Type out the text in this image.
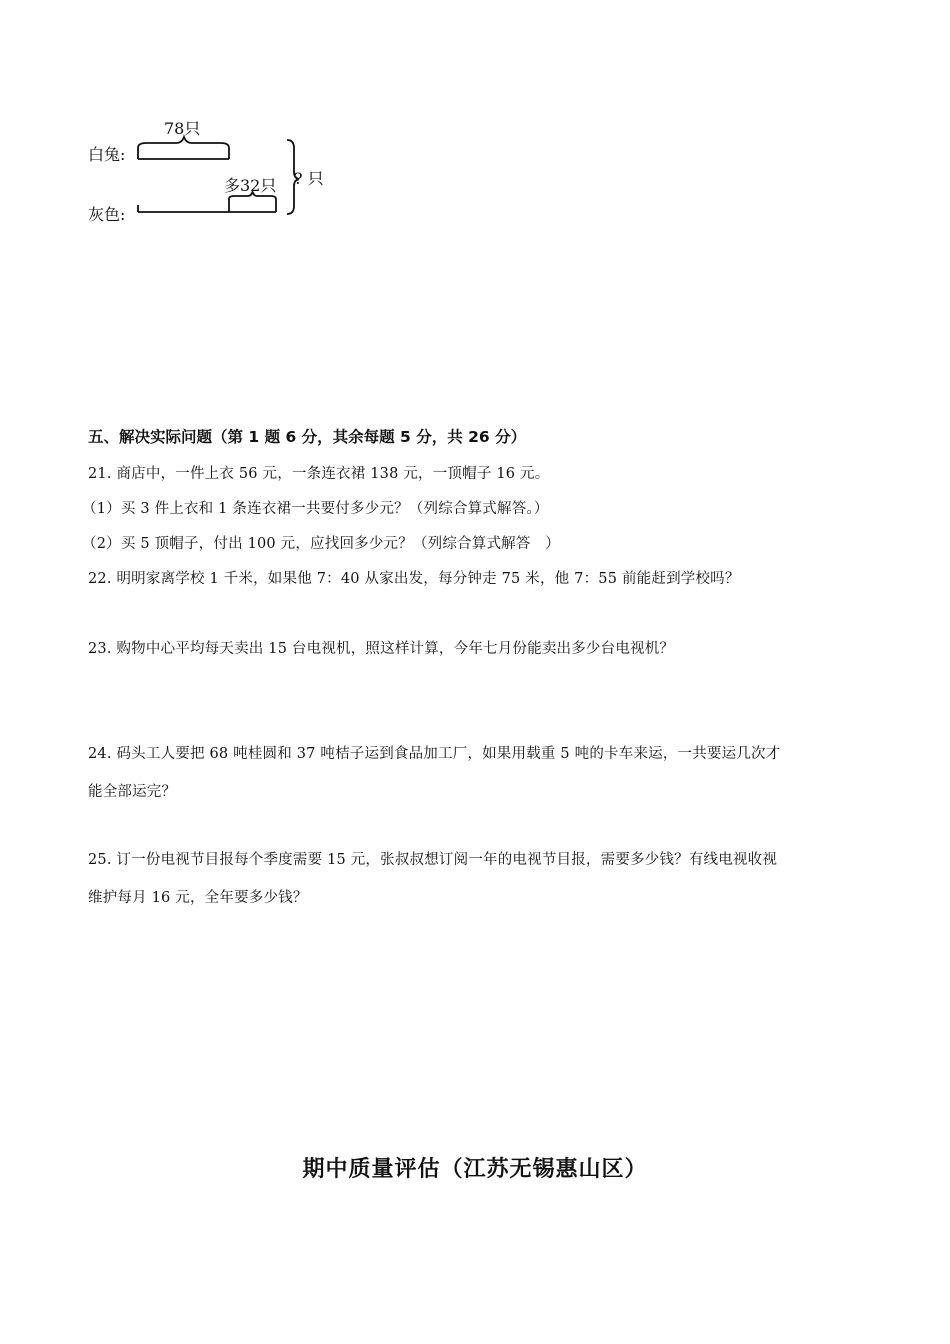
白兔:
78只
多32只
灰色:
? 只
五、解决实际问题（第 1 题 6 分，其余每题 5 分，共 26 分）
21. 商店中，一件上衣 56 元，一条连衣裙 138 元，一顶帽子 16 元。
（1）买 3 件上衣和 1 条连衣裙一共要付多少元？（列综合算式解答。）
（2）买 5 顶帽子，付出 100 元，应找回多少元？（列综合算式解答　）
22. 明明家离学校 1 千米，如果他 7：40 从家出发，每分钟走 75 米，他 7：55 前能赶到学校吗？
23. 购物中心平均每天卖出 15 台电视机，照这样计算，今年七月份能卖出多少台电视机？
24. 码头工人要把 68 吨桂圆和 37 吨桔子运到食品加工厂，如果用载重 5 吨的卡车来运，一共要运几次才
能全部运完？
25. 订一份电视节目报每个季度需要 15 元，张叔叔想订阅一年的电视节目报，需要多少钱？有线电视收视
维护每月 16 元，全年要多少钱？
期中质量评估（江苏无锡惠山区）
